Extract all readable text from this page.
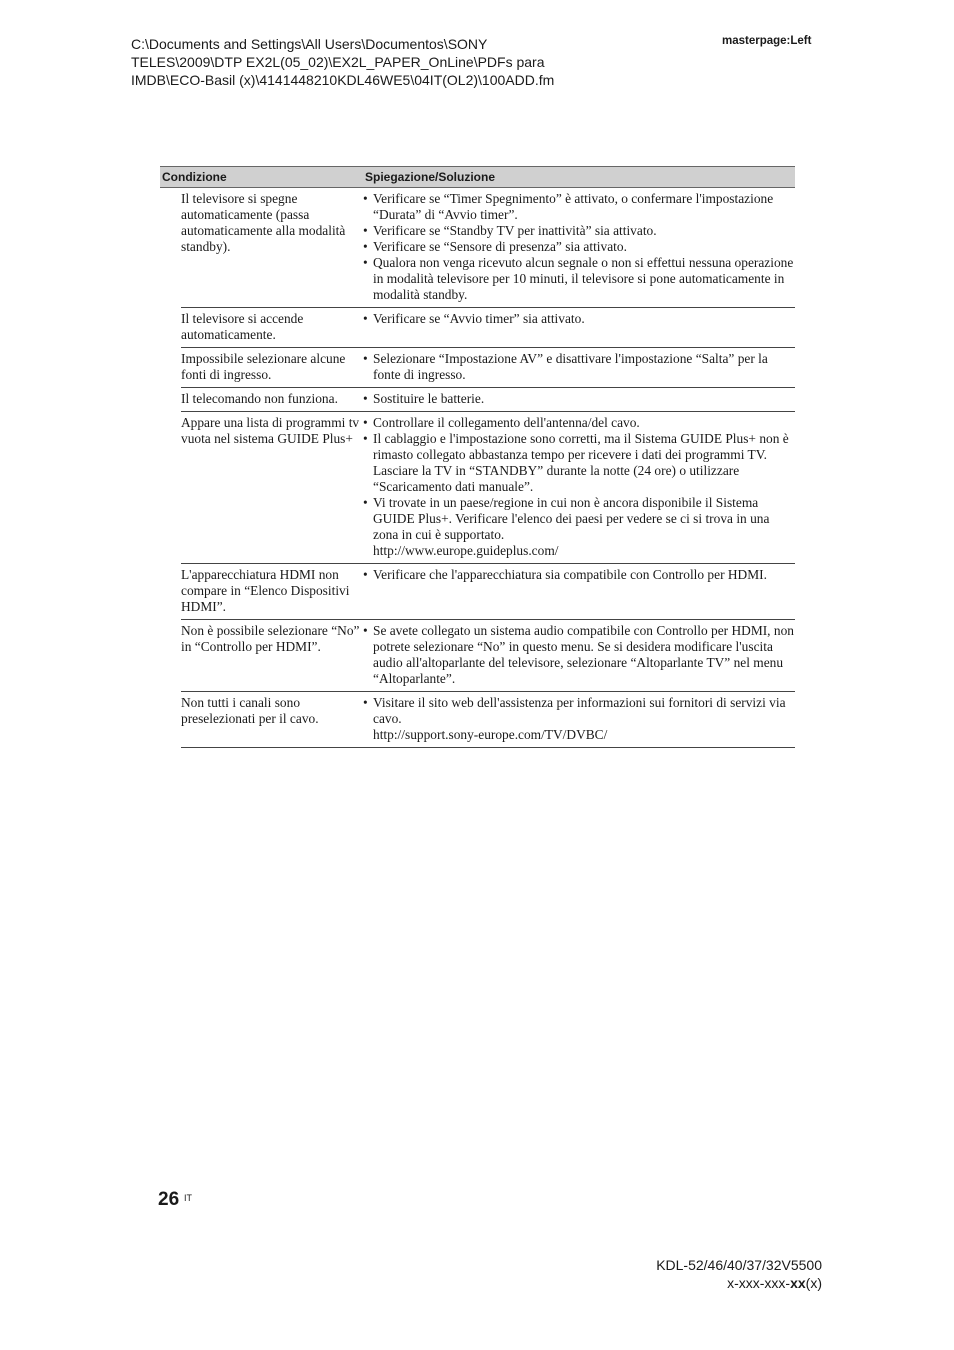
C:\Documents and Settings\All Users\Documentos\SONY
TELES\2009\DTP EX2L(05_02)\EX2L_PAPER_OnLine\PDFs para
IMDB\ECO-Basil (x)\4141448210KDL46WE5\04IT(OL2)\100ADD.fm
masterpage:Left
Condizione	Spiegazione/Soluzione
Il televisore si spegne automaticamente (passa automaticamente alla modalità standby).
• Verificare se “Timer Spegnimento” è attivato, o confermare l'impostazione “Durata” di “Avvio timer”.
• Verificare se “Standby TV per inattività” sia attivato.
• Verificare se “Sensore di presenza” sia attivato.
• Qualora non venga ricevuto alcun segnale o non si effettui nessuna operazione in modalità televisore per 10 minuti, il televisore si pone automaticamente in modalità standby.
Il televisore si accende automaticamente.
• Verificare se “Avvio timer” sia attivato.
Impossibile selezionare alcune fonti di ingresso.
• Selezionare “Impostazione AV” e disattivare l'impostazione “Salta” per la fonte di ingresso.
Il telecomando non funziona.	• Sostituire le batterie.
Appare una lista di programmi tv vuota nel sistema GUIDE Plus+
• Controllare il collegamento dell'antenna/del cavo.
• Il cablaggio e l'impostazione sono corretti, ma il Sistema GUIDE Plus+ non è rimasto collegato abbastanza tempo per ricevere i dati dei programmi TV. Lasciare la TV in “STANDBY” durante la notte (24 ore) o utilizzare “Scaricamento dati manuale”.
• Vi trovate in un paese/regione in cui non è ancora disponibile il Sistema GUIDE Plus+. Verificare l'elenco dei paesi per vedere se ci si trova in una zona in cui è supportato.
http://www.europe.guideplus.com/
L'apparecchiatura HDMI non compare in “Elenco Dispositivi HDMI”.
• Verificare che l'apparecchiatura sia compatibile con Controllo per HDMI.
Non è possibile selezionare “No” in “Controllo per HDMI”.
• Se avete collegato un sistema audio compatibile con Controllo per HDMI, non potrete selezionare “No” in questo menu. Se si desidera modificare l'uscita audio all'altoparlante del televisore, selezionare “Altoparlante TV” nel menu “Altoparlante”.
Non tutti i canali sono preselezionati per il cavo.
• Visitare il sito web dell'assistenza per informazioni sui fornitori di servizi via cavo.
http://support.sony-europe.com/TV/DVBC/
26 IT
KDL-52/46/40/37/32V5500
x-xxx-xxx-xx(x)
